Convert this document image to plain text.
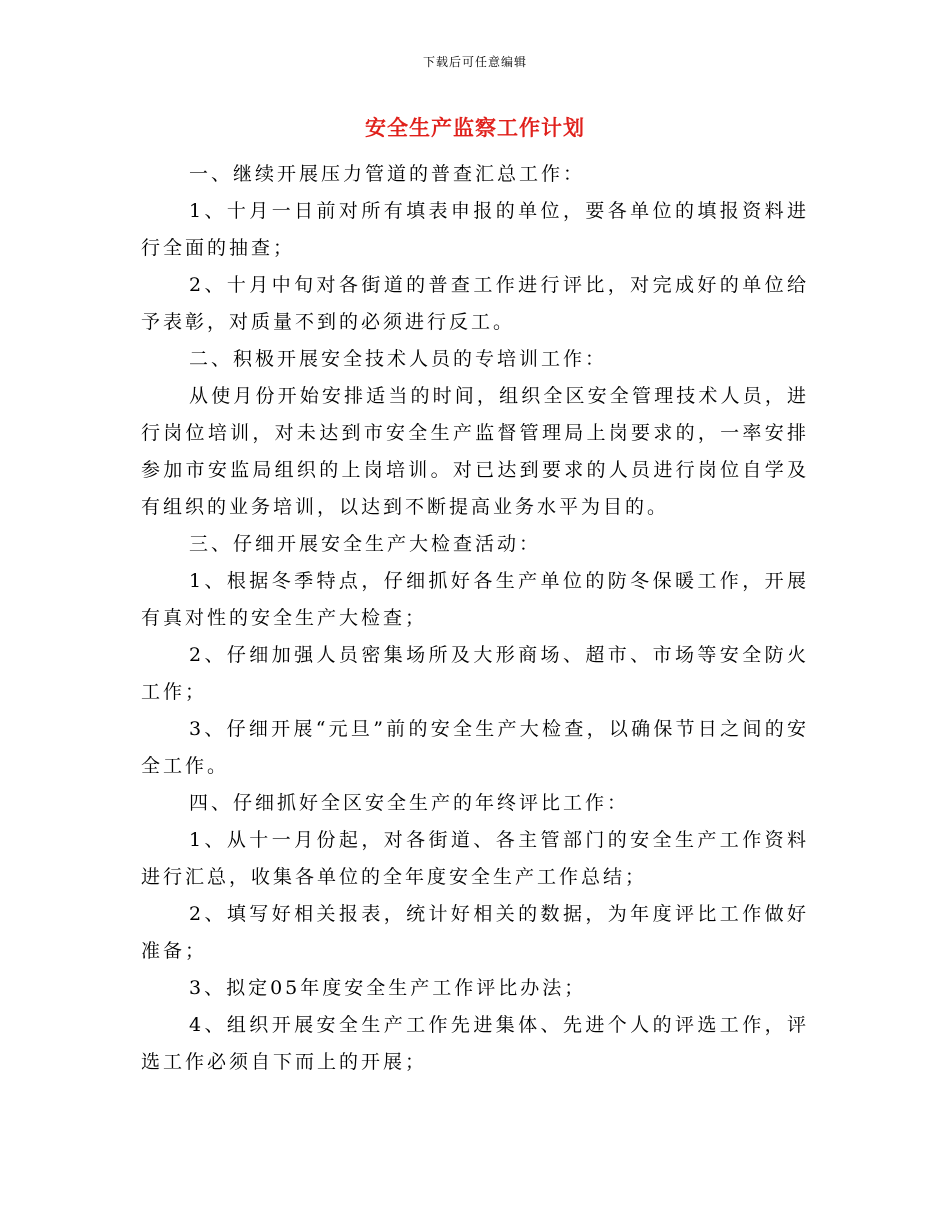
下载后可任意编辑
安全生产监察工作计划

一、继续开展压力管道的普查汇总工作：

1、十月一日前对所有填表申报的单位，要各单位的填报资料进行全面的抽查；

2、十月中旬对各街道的普查工作进行评比，对完成好的单位给予表彰，对质量不到的必须进行反工。

二、积极开展安全技术人员的专培训工作：

从使月份开始安排适当的时间，组织全区安全管理技术人员，进行岗位培训，对未达到市安全生产监督管理局上岗要求的，一率安排参加市安监局组织的上岗培训。对已达到要求的人员进行岗位自学及有组织的业务培训，以达到不断提高业务水平为目的。

三、仔细开展安全生产大检查活动：

1、根据冬季特点，仔细抓好各生产单位的防冬保暖工作，开展有真对性的安全生产大检查；

2、仔细加强人员密集场所及大形商场、超市、市场等安全防火工作；

3、仔细开展“元旦”前的安全生产大检查，以确保节日之间的安全工作。

四、仔细抓好全区安全生产的年终评比工作：

1、从十一月份起，对各街道、各主管部门的安全生产工作资料进行汇总，收集各单位的全年度安全生产工作总结；

2、填写好相关报表，统计好相关的数据，为年度评比工作做好准备；

3、拟定05年度安全生产工作评比办法；

4、组织开展安全生产工作先进集体、先进个人的评选工作，评选工作必须自下而上的开展；
